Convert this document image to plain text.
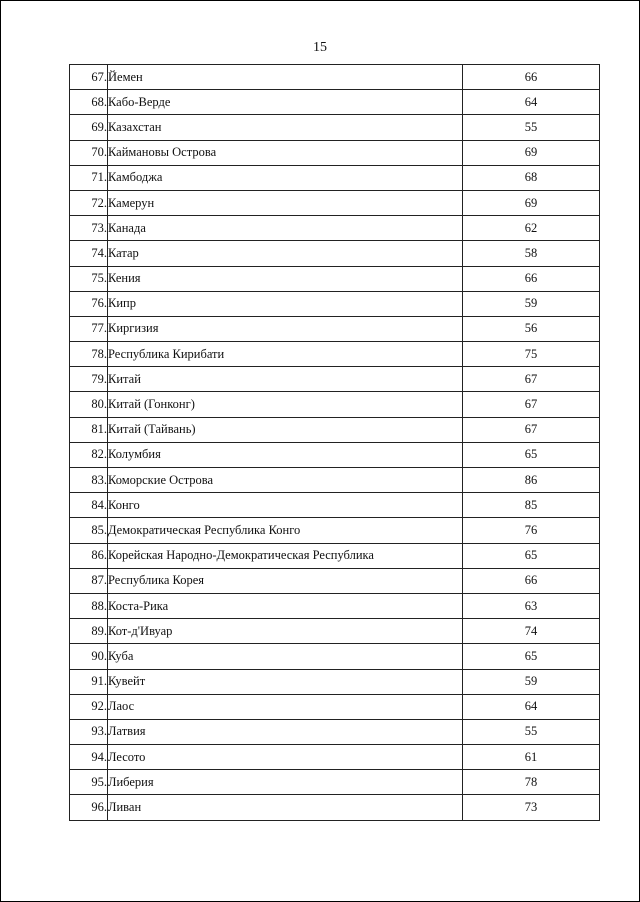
15
67.	Йемен	66
68.	Кабо-Верде	64
69.	Казахстан	55
70.	Каймановы Острова	69
71.	Камбоджа	68
72.	Камерун	69
73.	Канада	62
74.	Катар	58
75.	Кения	66
76.	Кипр	59
77.	Киргизия	56
78.	Республика Кирибати	75
79.	Китай	67
80.	Китай (Гонконг)	67
81.	Китай (Тайвань)	67
82.	Колумбия	65
83.	Коморские Острова	86
84.	Конго	85
85.	Демократическая Республика Конго	76
86.	Корейская Народно-Демократическая Республика	65
87.	Республика Корея	66
88.	Коста-Рика	63
89.	Кот-д'Ивуар	74
90.	Куба	65
91.	Кувейт	59
92.	Лаос	64
93.	Латвия	55
94.	Лесото	61
95.	Либерия	78
96.	Ливан	73
